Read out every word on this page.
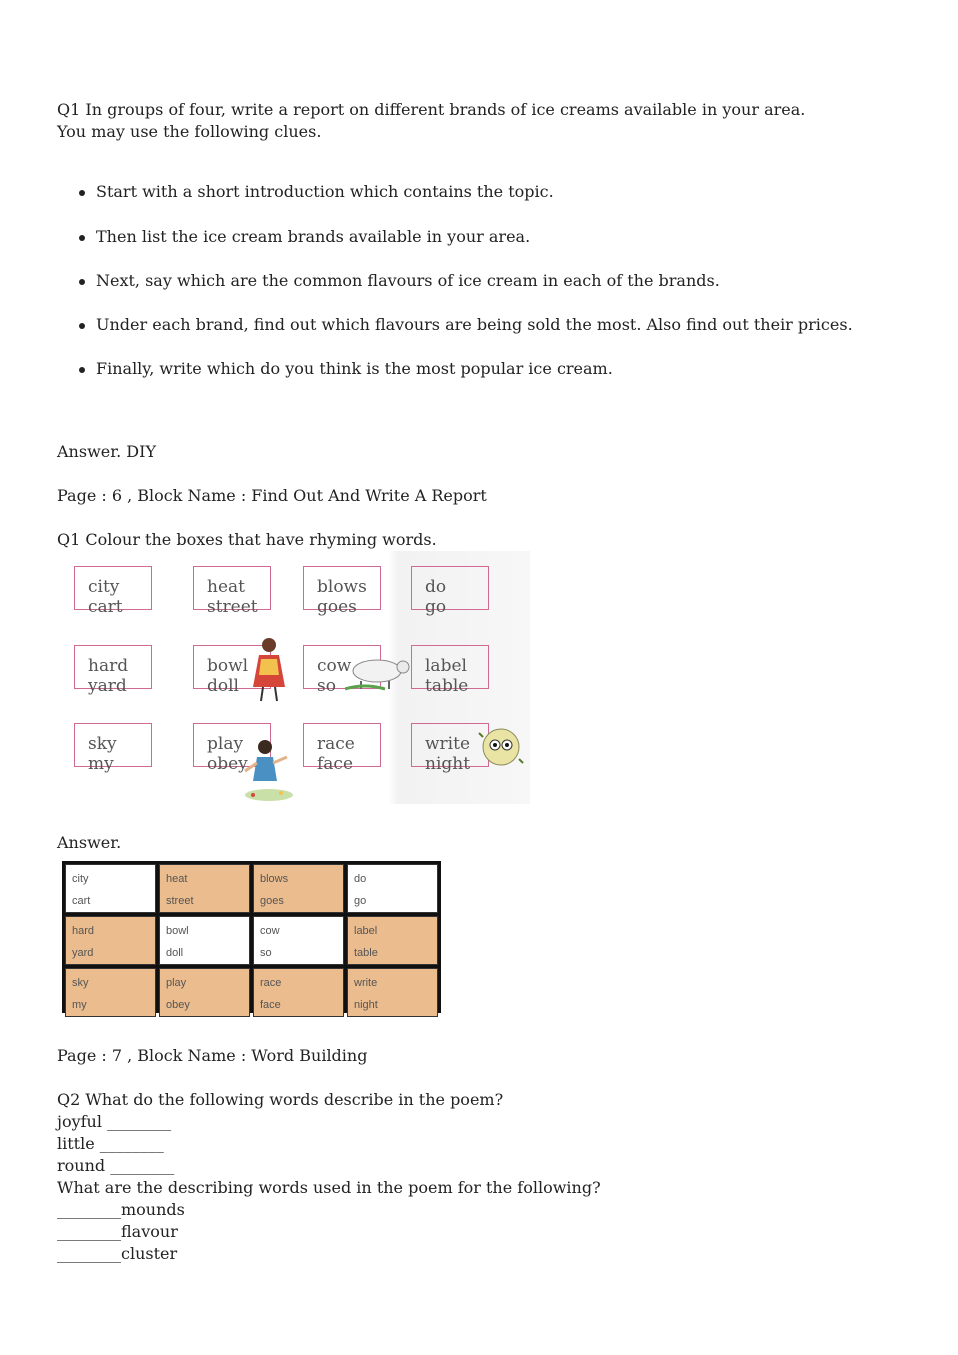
Q1 In groups of four, write a report on different brands of ice creams available in your area.
You may use the following clues.
Start with a short introduction which contains the topic.
Then list the ice cream brands available in your area.
Next, say which are the common flavours of ice cream in each of the brands.
Under each brand, find out which flavours are being sold the most. Also find out their prices.
Finally, write which do you think is the most popular ice cream.
Answer. DIY
Page : 6 , Block Name : Find Out And Write A Report
Q1 Colour the boxes that have rhyming words.
city
cart
heat
street
blows
goes
do
go
hard
yard
bowl
doll
cow
so
label
table
sky
my
play
obey
race
face
write
night
Answer.
city
cart
heat
street
blows
goes
do
go
hard
yard
bowl
doll
cow
so
label
table
sky
my
play
obey
race
face
write
night
Page : 7 , Block Name : Word Building
Q2 What do the following words describe in the poem?
joyful ________
little ________
round ________
What are the describing words used in the poem for the following?
________mounds
________flavour
________cluster
